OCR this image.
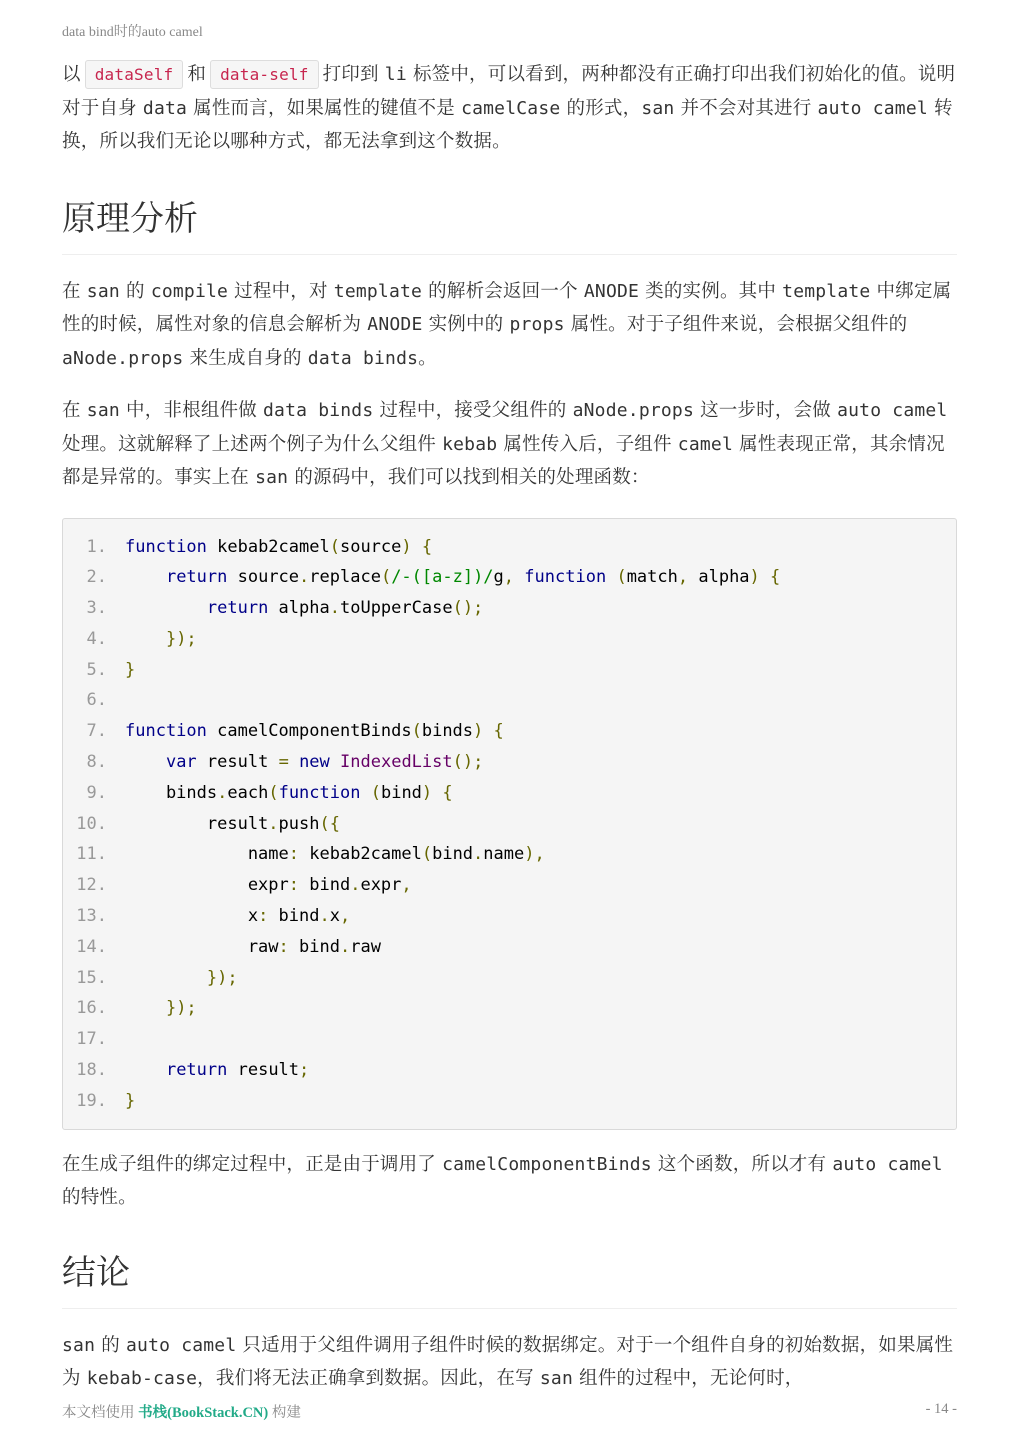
data bind时的auto camel

以 dataSelf 和 data-self 打印到 li 标签中，可以看到，两种都没有正确打印出我们初始化的值。说明对于自身 data 属性而言，如果属性的键值不是 camelCase 的形式，san 并不会对其进行 auto camel 转换，所以我们无论以哪种方式，都无法拿到这个数据。

原理分析

在 san 的 compile 过程中，对 template 的解析会返回一个 ANODE 类的实例。其中 template 中绑定属性的时候，属性对象的信息会解析为 ANODE 实例中的 props 属性。对于子组件来说，会根据父组件的 aNode.props 来生成自身的 data binds。

在 san 中，非根组件做 data binds 过程中，接受父组件的 aNode.props 这一步时，会做 auto camel 处理。这就解释了上述两个例子为什么父组件 kebab 属性传入后，子组件 camel 属性表现正常，其余情况都是异常的。事实上在 san 的源码中，我们可以找到相关的处理函数：

1.	function kebab2camel(source) {
2.	return source.replace(/-([a-z])/g, function (match, alpha) {
3.	return alpha.toUpperCase();
4.	});
5.	}
6.
7.	function camelComponentBinds(binds) {
8.	var result = new IndexedList();
9.	binds.each(function (bind) {
10.	result.push({
11.	name: kebab2camel(bind.name),
12.	expr: bind.expr,
13.	x: bind.x,
14.	raw: bind.raw
15.	});
16.	});
17.
18.	return result;
19.	}

在生成子组件的绑定过程中，正是由于调用了 camelComponentBinds 这个函数，所以才有 auto camel 的特性。

结论

san 的 auto camel 只适用于父组件调用子组件时候的数据绑定。对于一个组件自身的初始数据，如果属性为 kebab-case，我们将无法正确拿到数据。因此，在写 san 组件的过程中，无论何时，

本文档使用 书栈(BookStack.CN) 构建	- 14 -
